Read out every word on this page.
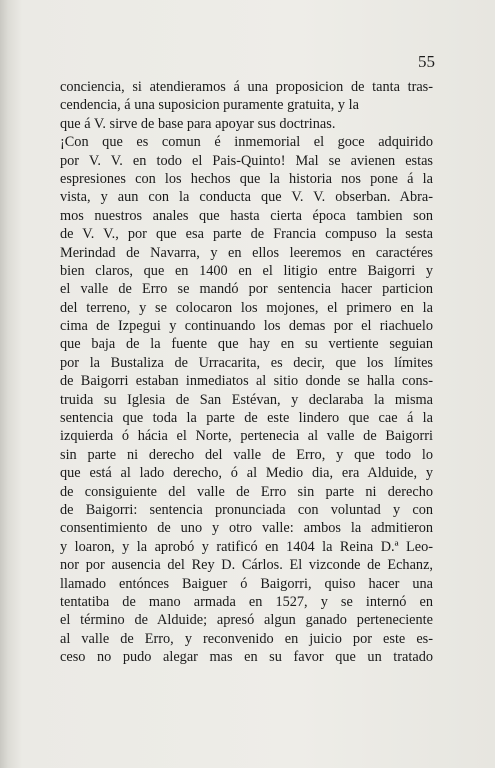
55
conciencia, si atendieramos á una proposicion de tanta tras-
cendencia, á una suposicion puramente gratuita, y la
que á V. sirve de base para apoyar sus doctrinas.
¡Con que es comun é inmemorial el goce adquirido
por V. V. en todo el Pais-Quinto! Mal se avienen estas
espresiones con los hechos que la historia nos pone á la
vista, y aun con la conducta que V. V. obserban. Abra-
mos nuestros anales que hasta cierta época tambien son
de V. V., por que esa parte de Francia compuso la sesta
Merindad de Navarra, y en ellos leeremos en caractéres
bien claros, que en 1400 en el litigio entre Baigorri y
el valle de Erro se mandó por sentencia hacer particion
del terreno, y se colocaron los mojones, el primero en la
cima de Izpegui y continuando los demas por el riachuelo
que baja de la fuente que hay en su vertiente seguian
por la Bustaliza de Urracarita, es decir, que los límites
de Baigorri estaban inmediatos al sitio donde se halla cons-
truida su Iglesia de San Estévan, y declaraba la misma
sentencia que toda la parte de este lindero que cae á la
izquierda ó hácia el Norte, pertenecia al valle de Baigorri
sin parte ni derecho del valle de Erro, y que todo lo
que está al lado derecho, ó al Medio dia, era Alduide, y
de consiguiente del valle de Erro sin parte ni derecho
de Baigorri: sentencia pronunciada con voluntad y con
consentimiento de uno y otro valle: ambos la admitieron
y loaron, y la aprobó y ratificó en 1404 la Reina D.ª Leo-
nor por ausencia del Rey D. Cárlos. El vizconde de Echanz,
llamado entónces Baiguer ó Baigorri, quiso hacer una
tentatiba de mano armada en 1527, y se internó en
el término de Alduide; apresó algun ganado perteneciente
al valle de Erro, y reconvenido en juicio por este es-
ceso no pudo alegar mas en su favor que un tratado
